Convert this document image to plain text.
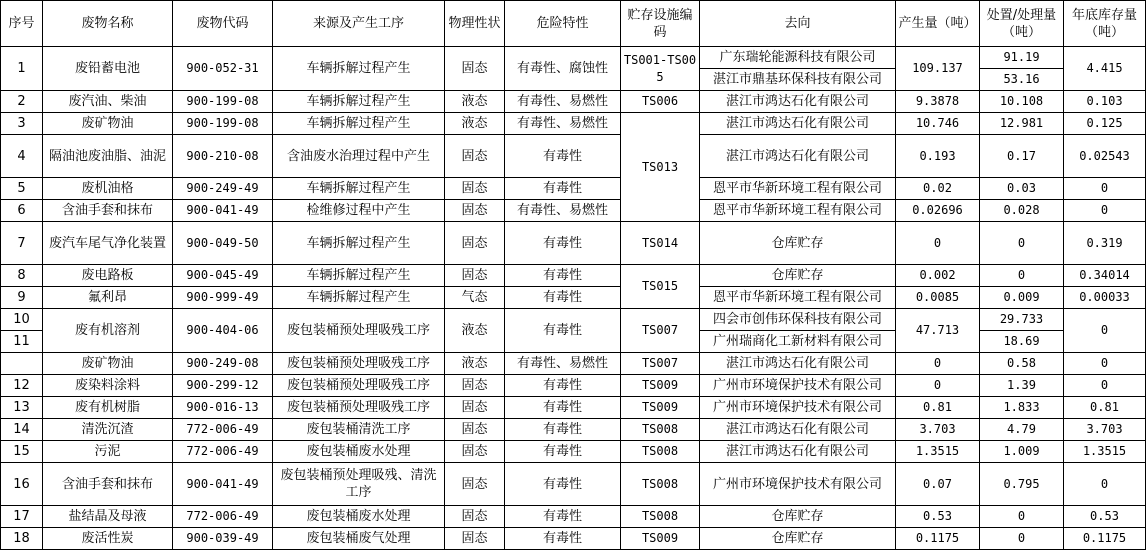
序号	废物名称	废物代码	来源及产生工序	物理性状	危险特性	贮存设施编码	去向	产生量（吨）	处置/处理量（吨）	年底库存量（吨）
1	废铅蓄电池	900-052-31	车辆拆解过程产生	固态	有毒性、腐蚀性	TS001-TS005	广东瑞轮能源科技有限公司	109.137	91.19	4.415
							湛江市鼎基环保科技有限公司		53.16	
2	废汽油、柴油	900-199-08	车辆拆解过程产生	液态	有毒性、易燃性	TS006	湛江市鸿达石化有限公司	9.3878	10.108	0.103
3	废矿物油	900-199-08	车辆拆解过程产生	液态	有毒性、易燃性	TS013	湛江市鸿达石化有限公司	10.746	12.981	0.125
4	隔油池废油脂、油泥	900-210-08	含油废水治理过程中产生	固态	有毒性		湛江市鸿达石化有限公司	0.193	0.17	0.02543
5	废机油格	900-249-49	车辆拆解过程产生	固态	有毒性		恩平市华新环境工程有限公司	0.02	0.03	0
6	含油手套和抹布	900-041-49	检维修过程中产生	固态	有毒性、易燃性		恩平市华新环境工程有限公司	0.02696	0.028	0
7	废汽车尾气净化装置	900-049-50	车辆拆解过程产生	固态	有毒性	TS014	仓库贮存	0	0	0.319
8	废电路板	900-045-49	车辆拆解过程产生	固态	有毒性	TS015	仓库贮存	0.002	0	0.34014
9	氟利昂	900-999-49	车辆拆解过程产生	气态	有毒性		恩平市华新环境工程有限公司	0.0085	0.009	0.00033
10	废有机溶剂	900-404-06	废包装桶预处理吸残工序	液态	有毒性	TS007	四会市创伟环保科技有限公司	47.713	29.733	0
11							广州瑞商化工新材料有限公司		18.69	
	废矿物油	900-249-08	废包装桶预处理吸残工序	液态	有毒性、易燃性	TS007	湛江市鸿达石化有限公司	0	0.58	0
12	废染料涂料	900-299-12	废包装桶预处理吸残工序	固态	有毒性	TS009	广州市环境保护技术有限公司	0	1.39	0
13	废有机树脂	900-016-13	废包装桶预处理吸残工序	固态	有毒性	TS009	广州市环境保护技术有限公司	0.81	1.833	0.81
14	清洗沉渣	772-006-49	废包装桶清洗工序	固态	有毒性	TS008	湛江市鸿达石化有限公司	3.703	4.79	3.703
15	污泥	772-006-49	废包装桶废水处理	固态	有毒性	TS008	湛江市鸿达石化有限公司	1.3515	1.009	1.3515
16	含油手套和抹布	900-041-49	废包装桶预处理吸残、清洗工序	固态	有毒性	TS008	广州市环境保护技术有限公司	0.07	0.795	0
17	盐结晶及母液	772-006-49	废包装桶废水处理	固态	有毒性	TS008	仓库贮存	0.53	0	0.53
18	废活性炭	900-039-49	废包装桶废气处理	固态	有毒性	TS009	仓库贮存	0.1175	0	0.1175
